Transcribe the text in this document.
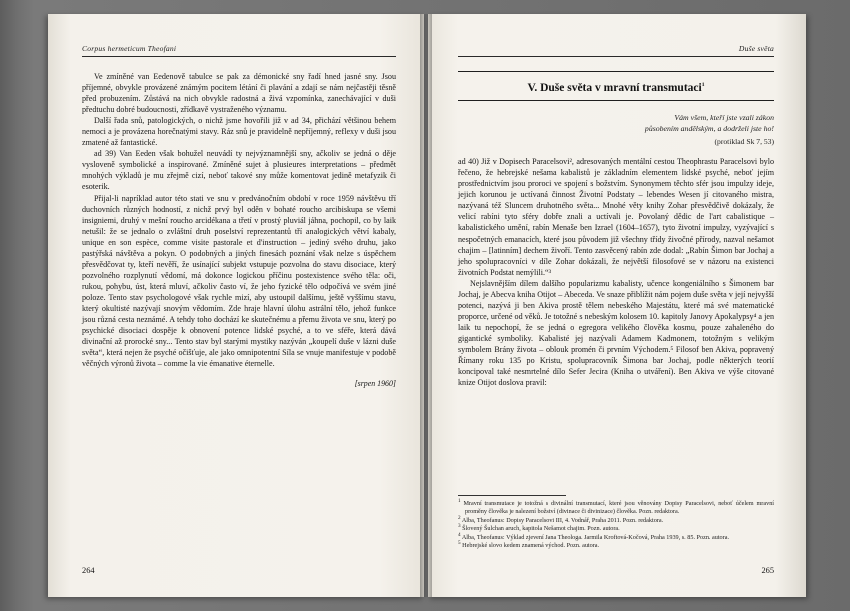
Corpus hermeticum Theofani

Ve zmíněné van Eedenově tabulce se pak za démonické sny řadí hned jasné sny. Jsou příjemné, obvykle provázené známým pocitem létání či plavání a zdají se nám nejčastěji těsně před probuzením. Zůstává na nich obvykle radostná a živá vzpomínka, zanechávající v duši předtuchu dobré budoucnosti, zřídkavě vystraženého významu.

Další řada snů, patologických, o nichž jsme hovořili již v ad 34, přichází většinou behem nemoci a je provázena horečnatými stavy. Ráz snů je pravidelně nepříjemný, reflexy v duši jsou zmatené až fantastické.

ad 39) Van Eeden však bohužel neuvádí ty nejvýznamnější sny, ačkoliv se jedná o děje vysloveně symbolické a inspirované. Zmíněné sujet à plusieures interpretations – předmět mnohých výkladů je mu zřejmě cizí, neboť takové sny může komentovat jedině metafyzik či esoterik.

Přijal-li napríklad autor této stati ve snu v predvánočním období v roce 1959 návštěvu tří duchovních různých hodností, z nichž prvý byl oděn v bohaté roucho arcibiskupa se všemi insigniemi, druhý v mešní roucho arcidékana a třetí v prostý pluviál jáhna, pochopil, co by laik netušil: že se jednalo o zvláštní druh poselství reprezentantů tří analogických větví kabaly, unique en son espèce, comme visite pastorale et d'instruction – jediný svého druhu, jako pastýřská návštěva a pokyn. O podobných a jiných finesách poznání však nelze s úspěchem přesvědčovat ty, kteří nevěří, že usínající subjekt vstupuje pozvolna do stavu disociace, který pozvolného rozplynutí vědomí, má dokonce logickou příčinu postexistence svého těla: oči, rukou, pohybu, úst, která mluví, ačkoliv často ví, že jeho fyzické tělo odpočívá ve svém jiné poloze. Tento stav psychologové však rychle mizí, aby ustoupil dalšímu, ještě vyššímu stavu, který okultisté nazývají snovým vědomím. Zde hraje hlavní úlohu astrální tělo, jehož funkce jsou různá cesta neznámé. A tehdy toho dochází ke skutečnému a přemu života ve snu, který po psychické disociaci dospěje k obnovení potence lidské psyché, a to ve sféře, která dává divinační až prorocké sny... Tento stav byl starými mystiky nazýván „koupelí duše v lázni duše světa“, která nejen že psyché očišťuje, ale jako omnipotentní Síla se vnuje manifestuje v podobě věčných výronů života – comme la vie émanative éternelle.

[srpen 1960]
264
Duše světa
V. Duše světa v mravní transmutaci$^1$
Vám všem, kteří jste vzali zákon
působením andělským, a dodrželi jste ho!
(protiklad Sk 7, 53)

ad 40) Již v Dopisech Paracelsovi², adresovaných mentální cestou Theophrastu Paracelsovi bylo řečeno, že hebrejské nešama kabalistů je základním elementem lidské psyché, neboť jejím prostřednictvím jsou proroci ve spojení s božstvím. Synonymem těchto sfér jsou impulzy ideje, jejich korunou je uctívaná činnost Životní Podstaty – lebendes Wesen jí citovaného mistra, nazývaná též Sluncem druhotného světa... Mnohé věty knihy Zohar přesvědčivě dokázaly, že velicí rabíni tyto sféry dobře znali a uctívali je. Povolaný dědic de l'art cabalistique – kabalistického umění, rabín Menaše ben Izrael (1604–1657), tyto životní impulzy, vyzývající s nespočetných emanacích, které jsou původem již všechny třídy živočné přírody, nazval nešamot chajim – [latinním] dechem živoří. Tento zasvěcený rabín zde dodal: „Rabín Šimon bar Jochaj a jeho spolupracovníci v díle Zohar dokázali, že největší filosofové se v názoru na existenci životních Podstat nemýlili.“³

Nejslavnějším dílem dalšího popularizmu kabalisty, učence kongeniálního s Šimonem bar Jochaj, je Abecva kniha Otijot – Abeceda. Ve snaze přiblížit nám pojem duše světa v její nejvyšší potenci, nazývá ji ben Akiva prostě tělem nebeského Majestátu, které má své matematické proporce, určené od věků. Je totožné s nebeským kolosem 10. kapitoly Janovy Apokalypsy⁴ a jen laik tu nepochopí, že se jedná o egregora velikého člověka kosmu, pouze zahaleného do gigantické symboliky. Kabalisté jej nazývali Adamem Kadmonem, totožným s velikým symbolem Brány života – oblouk promén či prvním Východem.⁵ Filosof ben Akiva, popravený Římany roku 135 po Kristu, spolupracovník Šimona bar Jochaj, podle některých teorií koncipoval také nesmrtelné dílo Sefer Jecira (Kniha o utváření). Ben Akiva ve výše citované knize Otijot doslova pravil:

$^1$ Mravní transmutace je totožná s divinální transmutací, které jsou věnovány Dopisy Paracelsovi, neboť účelem mravní proměny člověka je nalezení božství (divinace či divinizace) člověka. Pozn. redaktora.

$^2$ Alba, Theofanus: Dopisy Paracelsovi III, 4. Vodnář, Praha 2011. Pozn. redaktora.

$^3$ Šlovený Šulchan aruch, kapitola Nešamot chajim. Pozn. autora.

$^4$ Alba, Theofanus: Výklad zjevení Jana Theologa. Jarmila Kroftová-Kočová, Praha 1939, s. 85. Pozn. autora.

$^5$ Hebrejské slovo kedem znamená východ. Pozn. autora.

265
